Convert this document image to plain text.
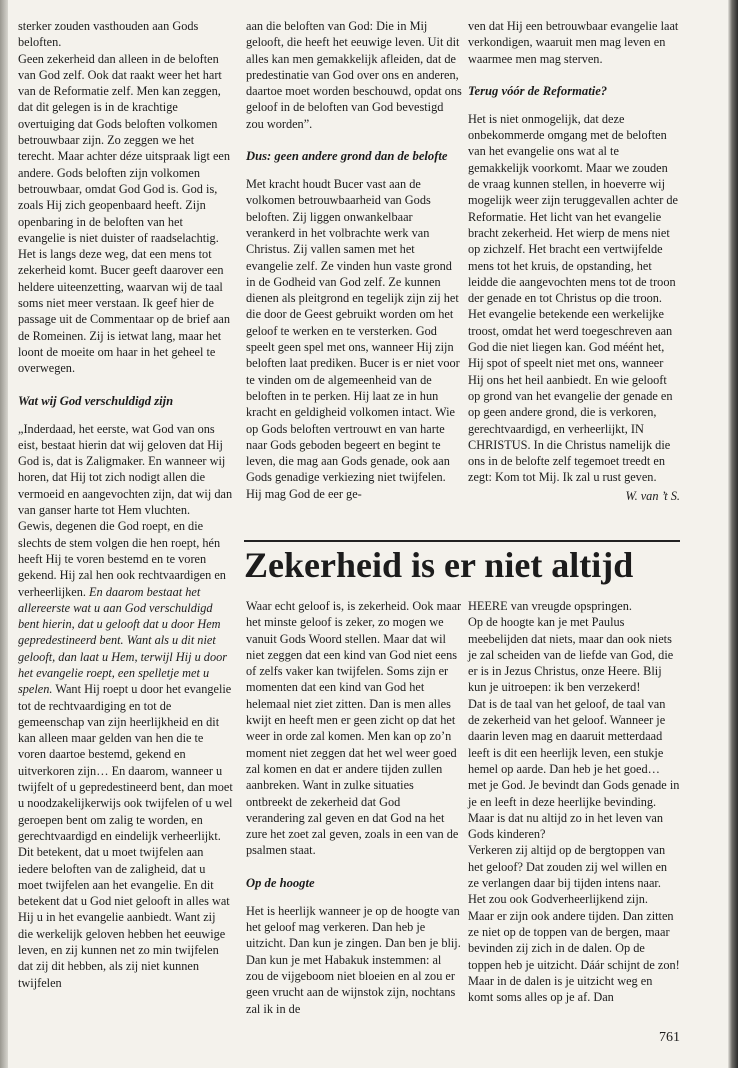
sterker zouden vasthouden aan Gods beloften.

Geen zekerheid dan alleen in de beloften van God zelf. Ook dat raakt weer het hart van de Reformatie zelf. Men kan zeggen, dat dit gelegen is in de krachtige overtuiging dat Gods beloften volkomen betrouwbaar zijn. Zo zeggen we het terecht. Maar achter déze uitspraak ligt een andere. Gods beloften zijn volkomen betrouwbaar, omdat God God is. God is, zoals Hij zich geopenbaard heeft. Zijn openbaring in de beloften van het evangelie is niet duister of raadselachtig.

Het is langs deze weg, dat een mens tot zekerheid komt. Bucer geeft daarover een heldere uiteenzetting, waarvan wij de taal soms niet meer verstaan. Ik geef hier de passage uit de Commentaar op de brief aan de Romeinen. Zij is ietwat lang, maar het loont de moeite om haar in het geheel te overwegen.

Wat wij God verschuldigd zijn

„Inderdaad, het eerste, wat God van ons eist, bestaat hierin dat wij geloven dat Hij God is, dat is Zaligmaker. En wanneer wij horen, dat Hij tot zich nodigt allen die vermoeid en aangevochten zijn, dat wij dan van ganser harte tot Hem vluchten.

Gewis, degenen die God roept, en die slechts de stem volgen die hen roept, hén heeft Hij te voren bestemd en te voren gekend. Hij zal hen ook rechtvaardigen en verheerlijken. En daarom bestaat het allereerste wat u aan God verschuldigd bent hierin, dat u gelooft dat u door Hem gepredestineerd bent. Want als u dit niet gelooft, dan laat u Hem, terwijl Hij u door het evangelie roept, een spelletje met u spelen. Want Hij roept u door het evangelie tot de rechtvaardiging en tot de gemeenschap van zijn heerlijkheid en dit kan alleen maar gelden van hen die te voren daartoe bestemd, gekend en uitverkoren zijn… En daarom, wanneer u twijfelt of u gepredestineerd bent, dan moet u noodzakelijkerwijs ook twijfelen of u wel geroepen bent om zalig te worden, en gerechtvaardigd en eindelijk verheerlijkt. Dit betekent, dat u moet twijfelen aan iedere beloften van de zaligheid, dat u moet twijfelen aan het evangelie. En dit betekent dat u God niet gelooft in alles wat Hij u in het evangelie aanbiedt. Want zij die werkelijk geloven hebben het eeuwige leven, en zij kunnen net zo min twijfelen dat zij dit hebben, als zij niet kunnen twijfelen

aan die beloften van God: Die in Mij gelooft, die heeft het eeuwige leven. Uit dit alles kan men gemakkelijk afleiden, dat de predestinatie van God over ons en anderen, daartoe moet worden beschouwd, opdat ons geloof in de beloften van God bevestigd zou worden”.

Dus: geen andere grond dan de belofte

Met kracht houdt Bucer vast aan de volkomen betrouwbaarheid van Gods beloften. Zij liggen onwankelbaar verankerd in het volbrachte werk van Christus. Zij vallen samen met het evangelie zelf. Ze vinden hun vaste grond in de Godheid van God zelf. Ze kunnen dienen als pleitgrond en tegelijk zijn zij het die door de Geest gebruikt worden om het geloof te werken en te versterken. God speelt geen spel met ons, wanneer Hij zijn beloften laat prediken. Bucer is er niet voor te vinden om de algemeenheid van de beloften in te perken. Hij laat ze in hun kracht en geldigheid volkomen intact. Wie op Gods beloften vertrouwt en van harte naar Gods geboden begeert en begint te leven, die mag aan Gods genade, ook aan Gods genadige verkiezing niet twijfelen. Hij mag God de eer ge-

ven dat Hij een betrouwbaar evangelie laat verkondigen, waaruit men mag leven en waarmee men mag sterven.

Terug vóór de Reformatie?

Het is niet onmogelijk, dat deze onbekommerde omgang met de beloften van het evangelie ons wat al te gemakkelijk voorkomt. Maar we zouden de vraag kunnen stellen, in hoeverre wij mogelijk weer zijn teruggevallen achter de Reformatie. Het licht van het evangelie bracht zekerheid. Het wierp de mens niet op zichzelf. Het bracht een vertwijfelde mens tot het kruis, de opstanding, het leidde die aangevochten mens tot de troon der genade en tot Christus op die troon. Het evangelie betekende een werkelijke troost, omdat het werd toegeschreven aan God die niet liegen kan. God méént het, Hij spot of speelt niet met ons, wanneer Hij ons het heil aanbiedt. En wie gelooft op grond van het evangelie der genade en op geen andere grond, die is verkoren, gerechtvaardigd, en verheerlijkt, IN CHRISTUS. In die Christus namelijk die ons in de belofte zelf tegemoet treedt en zegt: Kom tot Mij. Ik zal u rust geven.

W. van ’t S.
Zekerheid is er niet altijd

Waar echt geloof is, is zekerheid. Ook maar het minste geloof is zeker, zo mogen we vanuit Gods Woord stellen. Maar dat wil niet zeggen dat een kind van God niet eens of zelfs vaker kan twijfelen. Soms zijn er momenten dat een kind van God het helemaal niet ziet zitten. Dan is men alles kwijt en heeft men er geen zicht op dat het weer in orde zal komen. Men kan op zo’n moment niet zeggen dat het wel weer goed zal komen en dat er andere tijden zullen aanbreken. Want in zulke situaties ontbreekt de zekerheid dat God verandering zal geven en dat God na het zure het zoet zal geven, zoals in een van de psalmen staat.

Op de hoogte

Het is heerlijk wanneer je op de hoogte van het geloof mag verkeren. Dan heb je uitzicht. Dan kun je zingen. Dan ben je blij. Dan kun je met Habakuk instemmen: al zou de vijgeboom niet bloeien en al zou er geen vrucht aan de wijnstok zijn, nochtans zal ik in de

HEERE van vreugde opspringen.

Op de hoogte kan je met Paulus meebelijden dat niets, maar dan ook niets je zal scheiden van de liefde van God, die er is in Jezus Christus, onze Heere. Blij kun je uitroepen: ik ben verzekerd!

Dat is de taal van het geloof, de taal van de zekerheid van het geloof. Wanneer je daarin leven mag en daaruit metterdaad leeft is dit een heerlijk leven, een stukje hemel op aarde. Dan heb je het goed… met je God. Je bevindt dan Gods genade in je en leeft in deze heerlijke bevinding.

Maar is dat nu altijd zo in het leven van Gods kinderen?

Verkeren zij altijd op de bergtoppen van het geloof? Dat zouden zij wel willen en ze verlangen daar bij tijden intens naar. Het zou ook Godverheerlijkend zijn.

Maar er zijn ook andere tijden. Dan zitten ze niet op de toppen van de bergen, maar bevinden zij zich in de dalen. Op de toppen heb je uitzicht. Dáár schijnt de zon! Maar in de dalen is je uitzicht weg en komt soms alles op je af. Dan

761
